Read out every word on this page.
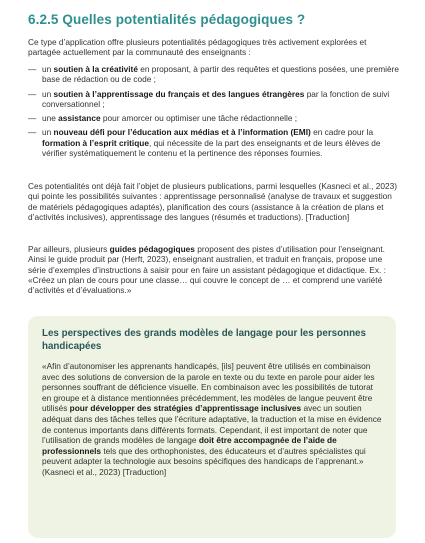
6.2.5 Quelles potentialités pédagogiques ?

Ce type d’application offre plusieurs potentialités pédagogiques très activement explorées et partagée actuellement par la communauté des enseignants :

— un soutien à la créativité en proposant, à partir des requêtes et questions posées, une première base de rédaction ou de code ;
— un soutien à l’apprentissage du français et des langues étrangères par la fonction de suivi conversationnel ;
— une assistance pour amorcer ou optimiser une tâche rédactionnelle ;
— un nouveau défi pour l’éducation aux médias et à l’information (EMI) en cadre pour la formation à l’esprit critique, qui nécessite de la part des enseignants et de leurs élèves de vérifier systématiquement le contenu et la pertinence des réponses fournies.

Ces potentialités ont déjà fait l’objet de plusieurs publications, parmi lesquelles (Kasneci et al., 2023) qui pointe les possibilités suivantes : apprentissage personnalisé (analyse de travaux et suggestion de matériels pédagogiques adaptés), planification des cours (assistance à la création de plans et d’activités inclusives), apprentissage des langues (résumés et traductions). [Traduction]

Par ailleurs, plusieurs guides pédagogiques proposent des pistes d’utilisation pour l’enseignant. Ainsi le guide produit par (Herft, 2023), enseignant australien, et traduit en français, propose une série d’exemples d’instructions à saisir pour en faire un assistant pédagogique et didactique. Ex. : «Créez un plan de cours pour une classe… qui couvre le concept de … et comprend une variété d’activités et d’évaluations.»

Les perspectives des grands modèles de langage pour les personnes handicapées

«Afin d’autonomiser les apprenants handicapés, [ils] peuvent être utilisés en combinaison avec des solutions de conversion de la parole en texte ou du texte en parole pour aider les personnes souffrant de déficience visuelle. En combinaison avec les possibilités de tutorat en groupe et à distance mentionnées précédemment, les modèles de langue peuvent être utilisés pour développer des stratégies d’apprentissage inclusives avec un soutien adéquat dans des tâches telles que l’écriture adaptative, la traduction et la mise en évidence de contenus importants dans différents formats. Cependant, il est important de noter que l’utilisation de grands modèles de langage doit être accompagnée de l’aide de professionnels tels que des orthophonistes, des éducateurs et d’autres spécialistes qui peuvent adapter la technologie aux besoins spécifiques des handicaps de l’apprenant.»

(Kasneci et al., 2023) [Traduction]
